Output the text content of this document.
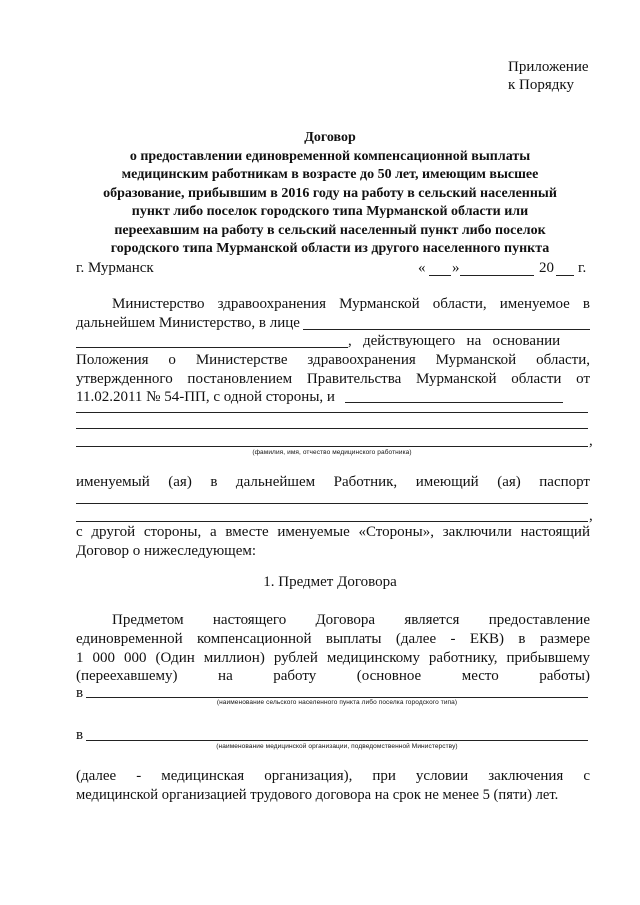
Приложение
к Порядку
Договор
о предоставлении единовременной компенсационной выплаты
медицинским работникам в возрасте до 50 лет, имеющим высшее
образование, прибывшим в 2016 году на работу в сельский населенный
пункт либо поселок городского типа Мурманской области или
переехавшим на работу в сельский населенный пункт либо поселок
городского типа Мурманской области из другого населенного пункта
г. Мурманск	« »	20 г.
Министерство здравоохранения Мурманской области, именуемое в
дальнейшем Министерство, в лице
,   действующего   на   основании
Положения о Министерстве здравоохранения Мурманской области,
утвержденного постановлением Правительства Мурманской области от
11.02.2011 № 54-ПП, с одной стороны, и
,
(фамилия, имя, отчество медицинского работника)
именуемый (ая) в дальнейшем Работник, имеющий (ая) паспорт
,
с другой стороны, а вместе именуемые «Стороны», заключили настоящий
Договор о нижеследующем:
1. Предмет Договора
Предметом настоящего Договора является предоставление
единовременной компенсационной выплаты (далее - ЕКВ) в размере
1 000 000 (Один миллион) рублей медицинскому работнику, прибывшему
(переехавшему) на работу (основное место работы)
в
(наименование сельского населенного пункта либо поселка городского типа)
в
(наименование медицинской организации, подведомственной Министерству)
(далее - медицинская организация), при условии заключения с
медицинской организацией трудового договора на срок не менее 5 (пяти) лет.
